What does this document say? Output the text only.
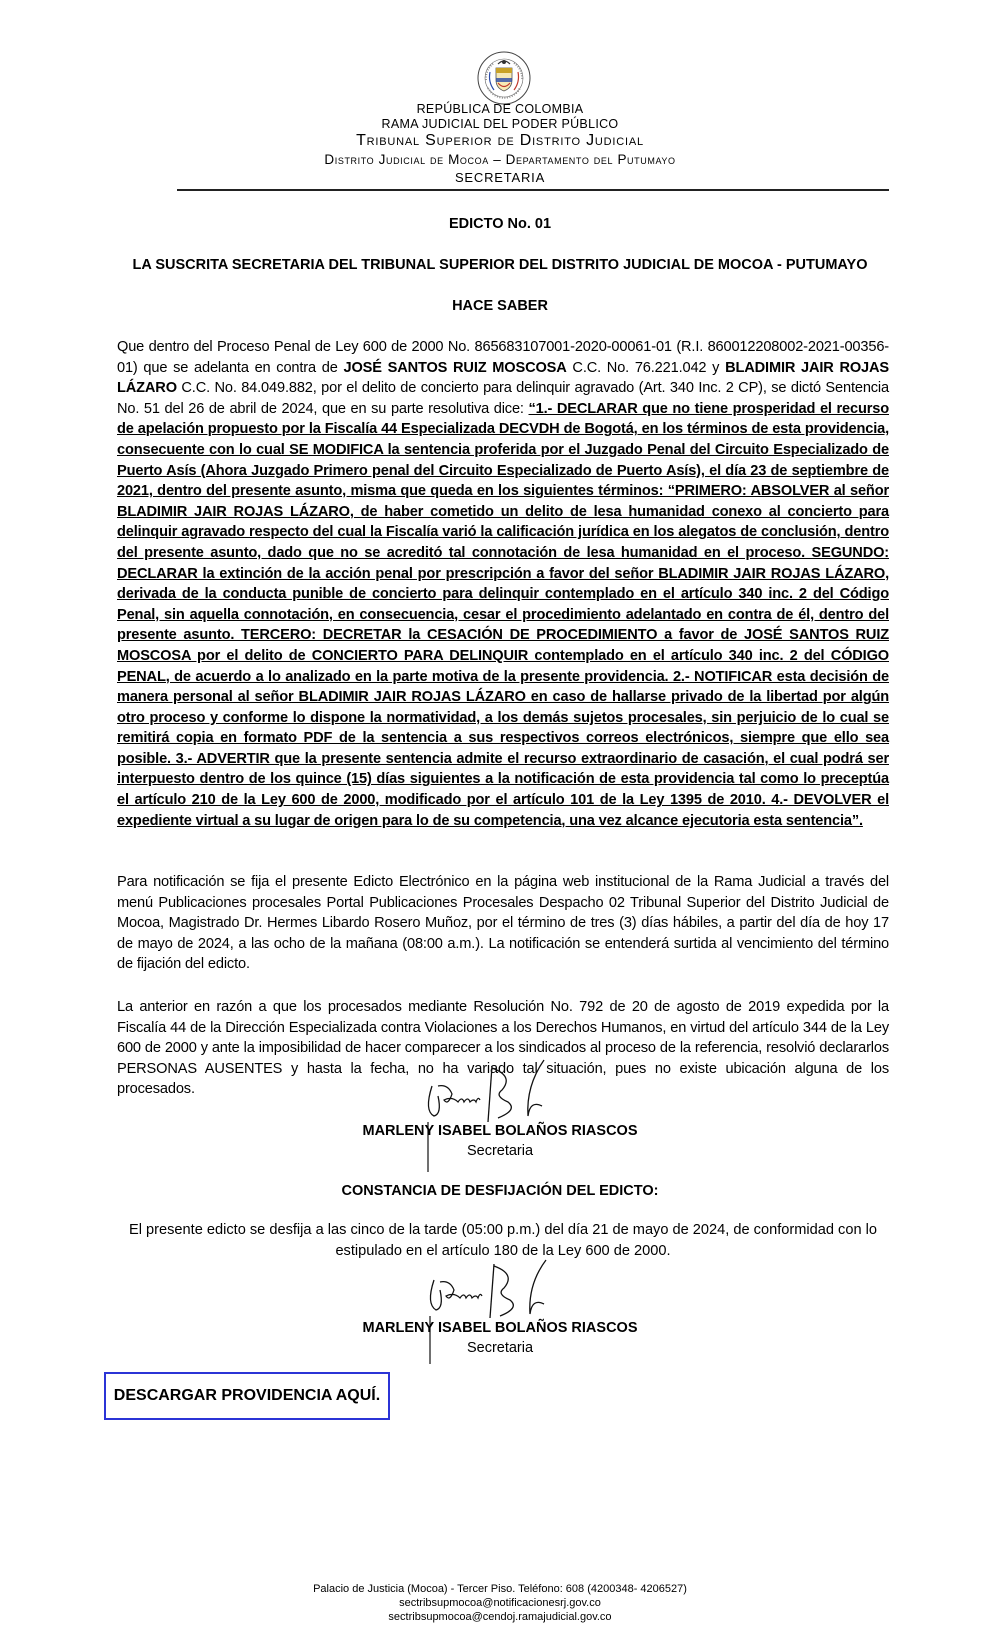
REPÚBLICA DE COLOMBIA
RAMA JUDICIAL DEL PODER PÚBLICO
Tribunal Superior de Distrito Judicial
Distrito Judicial de Mocoa – Departamento del Putumayo
SECRETARIA
EDICTO No. 01
LA SUSCRITA SECRETARIA DEL TRIBUNAL SUPERIOR DEL DISTRITO JUDICIAL DE MOCOA - PUTUMAYO
HACE SABER
Que dentro del Proceso Penal de Ley 600 de 2000 No. 865683107001-2020-00061-01 (R.I. 860012208002-2021-00356-01) que se adelanta en contra de JOSÉ SANTOS RUIZ MOSCOSA C.C. No. 76.221.042 y BLADIMIR JAIR ROJAS LÁZARO C.C. No. 84.049.882, por el delito de concierto para delinquir agravado (Art. 340 Inc. 2 CP), se dictó Sentencia No. 51 del 26 de abril de 2024, que en su parte resolutiva dice: “1.- DECLARAR que no tiene prosperidad el recurso de apelación propuesto por la Fiscalía 44 Especializada DECVDH de Bogotá, en los términos de esta providencia, consecuente con lo cual SE MODIFICA la sentencia proferida por el Juzgado Penal del Circuito Especializado de Puerto Asís (Ahora Juzgado Primero penal del Circuito Especializado de Puerto Asís), el día 23 de septiembre de 2021, dentro del presente asunto, misma que queda en los siguientes términos: “PRIMERO: ABSOLVER al señor BLADIMIR JAIR ROJAS LÁZARO, de haber cometido un delito de lesa humanidad conexo al concierto para delinquir agravado respecto del cual la Fiscalía varió la calificación jurídica en los alegatos de conclusión, dentro del presente asunto, dado que no se acreditó tal connotación de lesa humanidad en el proceso. SEGUNDO: DECLARAR la extinción de la acción penal por prescripción a favor del señor BLADIMIR JAIR ROJAS LÁZARO, derivada de la conducta punible de concierto para delinquir contemplado en el artículo 340 inc. 2 del Código Penal, sin aquella connotación, en consecuencia, cesar el procedimiento adelantado en contra de él, dentro del presente asunto. TERCERO: DECRETAR la CESACIÓN DE PROCEDIMIENTO a favor de JOSÉ SANTOS RUIZ MOSCOSA por el delito de CONCIERTO PARA DELINQUIR contemplado en el artículo 340 inc. 2 del CÓDIGO PENAL, de acuerdo a lo analizado en la parte motiva de la presente providencia. 2.- NOTIFICAR esta decisión de manera personal al señor BLADIMIR JAIR ROJAS LÁZARO en caso de hallarse privado de la libertad por algún otro proceso y conforme lo dispone la normatividad, a los demás sujetos procesales, sin perjuicio de lo cual se remitirá copia en formato PDF de la sentencia a sus respectivos correos electrónicos, siempre que ello sea posible. 3.- ADVERTIR que la presente sentencia admite el recurso extraordinario de casación, el cual podrá ser interpuesto dentro de los quince (15) días siguientes a la notificación de esta providencia tal como lo preceptúa el artículo 210 de la Ley 600 de 2000, modificado por el artículo 101 de la Ley 1395 de 2010. 4.- DEVOLVER el expediente virtual a su lugar de origen para lo de su competencia, una vez alcance ejecutoria esta sentencia”.
Para notificación se fija el presente Edicto Electrónico en la página web institucional de la Rama Judicial a través del menú Publicaciones procesales Portal Publicaciones Procesales Despacho 02 Tribunal Superior del Distrito Judicial de Mocoa, Magistrado Dr. Hermes Libardo Rosero Muñoz, por el término de tres (3) días hábiles, a partir del día de hoy 17 de mayo de 2024, a las ocho de la mañana (08:00 a.m.). La notificación se entenderá surtida al vencimiento del término de fijación del edicto.
La anterior en razón a que los procesados mediante Resolución No. 792 de 20 de agosto de 2019 expedida por la Fiscalía 44 de la Dirección Especializada contra Violaciones a los Derechos Humanos, en virtud del artículo 344 de la Ley 600 de 2000 y ante la imposibilidad de hacer comparecer a los sindicados al proceso de la referencia, resolvió declararlos PERSONAS AUSENTES y hasta la fecha, no ha variado tal situación, pues no existe ubicación alguna de los procesados.
MARLENY ISABEL BOLAÑOS RIASCOS
Secretaria
CONSTANCIA DE DESFIJACIÓN DEL EDICTO:
El presente edicto se desfija a las cinco de la tarde (05:00 p.m.) del día 21 de mayo de 2024, de conformidad con lo estipulado en el artículo 180 de la Ley 600 de 2000.
MARLENY ISABEL BOLAÑOS RIASCOS
Secretaria
DESCARGAR PROVIDENCIA AQUÍ.
Palacio de Justicia (Mocoa) - Tercer Piso. Teléfono: 608 (4200348- 4206527)
sectribsupmocoa@notificacionesrj.gov.co
sectribsupmocoa@cendoj.ramajudicial.gov.co
